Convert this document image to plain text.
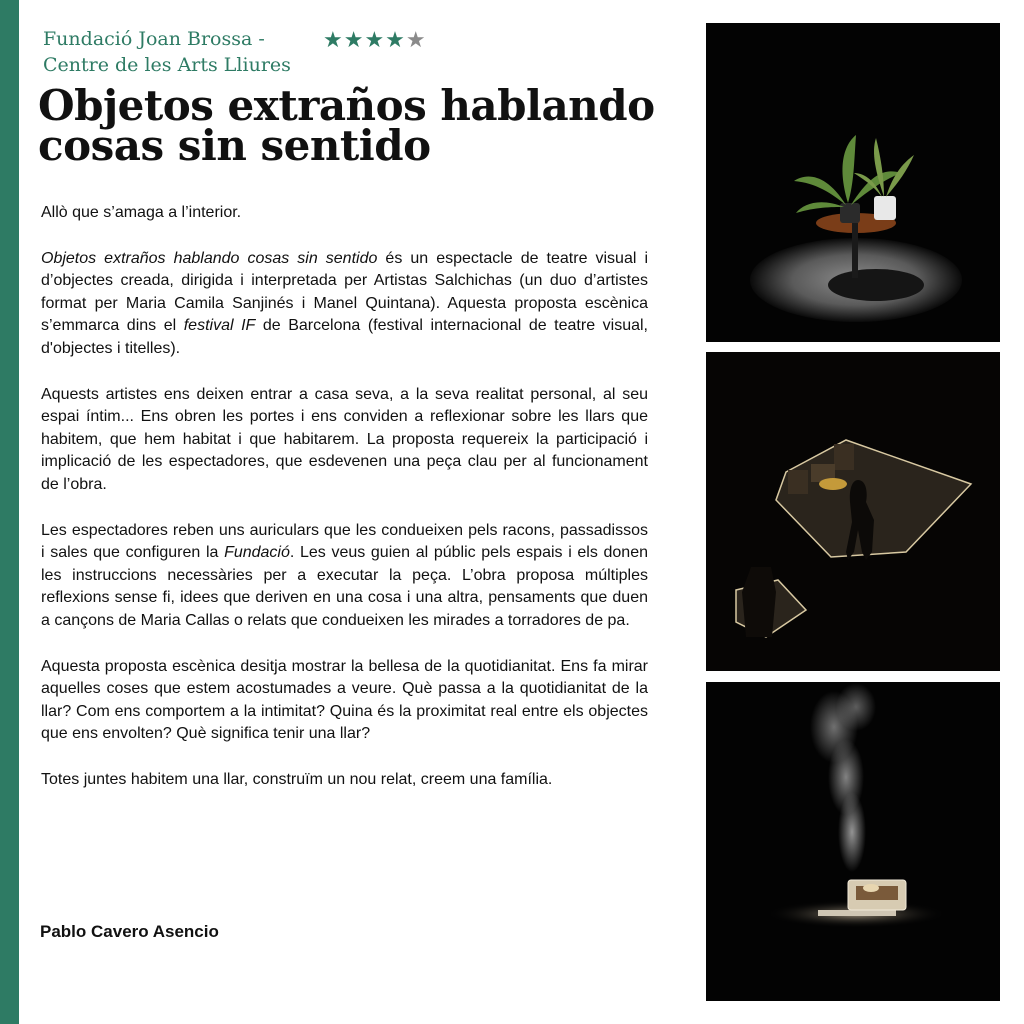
Fundació Joan Brossa -
Centre de les Arts Lliures
★★★★★
Objetos extraños hablando
cosas sin sentido

Allò que s’amaga a l’interior.

Objetos extraños hablando cosas sin sentido és un espectacle de teatre visual i d’objectes creada, dirigida i interpretada per Artistas Salchichas (un duo d’artistes format per Maria Camila Sanjinés i Manel Quintana). Aquesta proposta escènica s’emmarca dins el festival IF de Barcelona (festival internacional de teatre visual, d'objectes i titelles).

Aquests artistes ens deixen entrar a casa seva, a la seva realitat personal, al seu espai íntim... Ens obren les portes i ens conviden a reflexionar sobre les llars que habitem, que hem habitat i que habitarem. La proposta requereix la participació i implicació de les espectadores, que esdevenen una peça clau per al funcionament de l’obra.

Les espectadores reben uns auriculars que les condueixen pels racons, passadissos i sales que configuren la Fundació. Les veus guien al públic pels espais i els donen les instruccions necessàries per a executar la peça. L’obra proposa múltiples reflexions sense fi, idees que deriven en una cosa i una altra, pensaments que duen a cançons de Maria Callas o relats que condueixen les mirades a torradores de pa.

Aquesta proposta escènica desitja mostrar la bellesa de la quotidianitat. Ens fa mirar aquelles coses que estem acostumades a veure. Què passa a la quotidianitat de la llar? Com ens comportem a la intimitat? Quina és la proximitat real entre els objectes que ens envolten? Què significa tenir una llar?

Totes juntes habitem una llar, construïm un nou relat, creem una família.

Pablo Cavero Asencio
